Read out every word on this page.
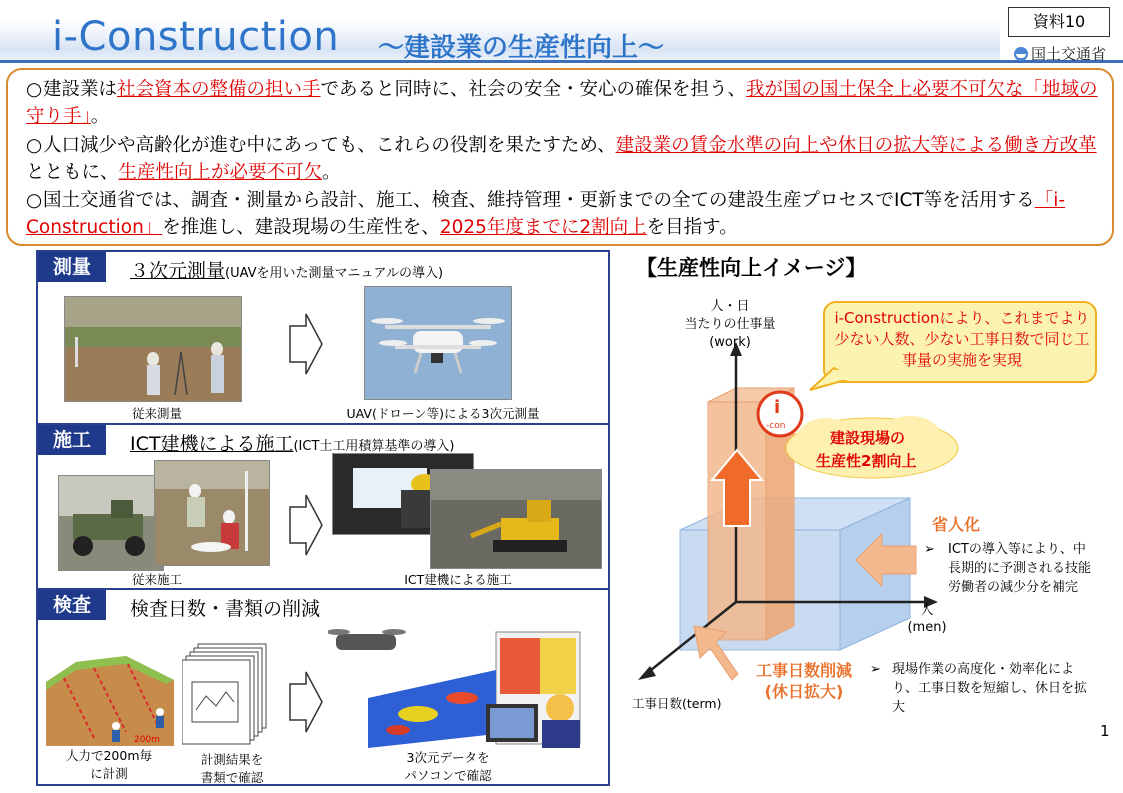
i-Construction ～建設業の生産性向上～
資料10
国土交通省
○建設業は社会資本の整備の担い手であると同時に、社会の安全・安心の確保を担う、我が国の国土保全上必要不可欠な「地域の守り手」。
○人口減少や高齢化が進む中にあっても、これらの役割を果たすため、建設業の賃金水準の向上や休日の拡大等による働き方改革とともに、生産性向上が必要不可欠。
○国土交通省では、調査・測量から設計、施工、検査、維持管理・更新までの全ての建設生産プロセスでICT等を活用する「i-Construction」を推進し、建設現場の生産性を、2025年度までに2割向上を目指す。
測量	３次元測量(UAVを用いた測量マニュアルの導入)
従来測量	UAV(ドローン等)による3次元測量
施工	ICT建機による施工(ICT土工用積算基準の導入)
従来施工	ICT建機による施工
検査	検査日数・書類の削減
200m
人力で200m毎
に計測
計測結果を
書類で確認
3次元データを
パソコンで確認
【生産性向上イメージ】
i
-con
建設現場の
生産性2割向上
i-Constructionにより、これまでより少ない人数、少ない工事日数で同じ工事量の実施を実現
人・日
当たりの仕事量
(work)
人
(men)
工事日数(term)
省人化
➢ ICTの導入等により、中長期的に予測される技能労働者の減少分を補完
工事日数削減
(休日拡大)
➢ 現場作業の高度化・効率化により、工事日数を短縮し、休日を拡大
1
